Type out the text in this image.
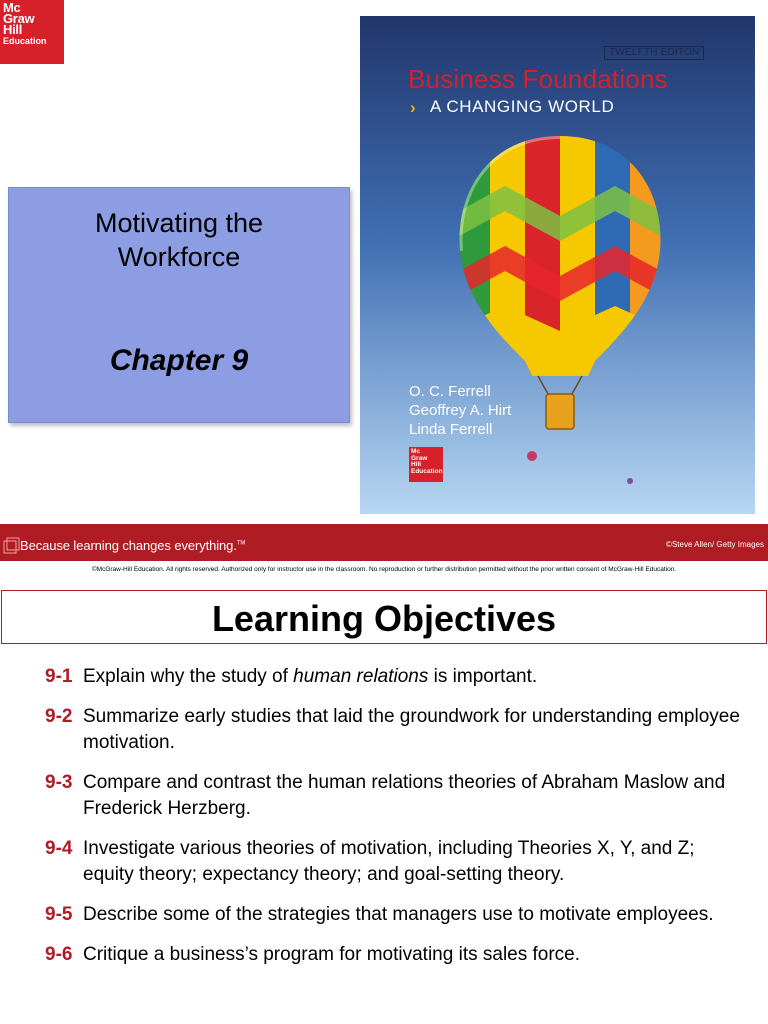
Mc
Graw
Hill
Education
Motivating the
Workforce
Chapter 9
TWELFTH EDITON
Business Foundations
› A CHANGING WORLD
O. C. Ferrell
Geoffrey A. Hirt
Linda Ferrell
Mc
Graw
Hill
Education
Because learning changes everything.™	©Steve Allen/ Getty Images
©McGraw-Hill Education. All rights reserved. Authorized only for instructor use in the classroom. No reproduction or further distribution permitted without the prior written consent of McGraw-Hill Education.
Learning Objectives
9-1 Explain why the study of human relations is important.
9-2 Summarize early studies that laid the groundwork for understanding employee motivation.
9-3 Compare and contrast the human relations theories of Abraham Maslow and Frederick Herzberg.
9-4 Investigate various theories of motivation, including Theories X, Y, and Z; equity theory; expectancy theory; and goal-setting theory.
9-5 Describe some of the strategies that managers use to motivate employees.
9-6 Critique a business’s program for motivating its sales force.
